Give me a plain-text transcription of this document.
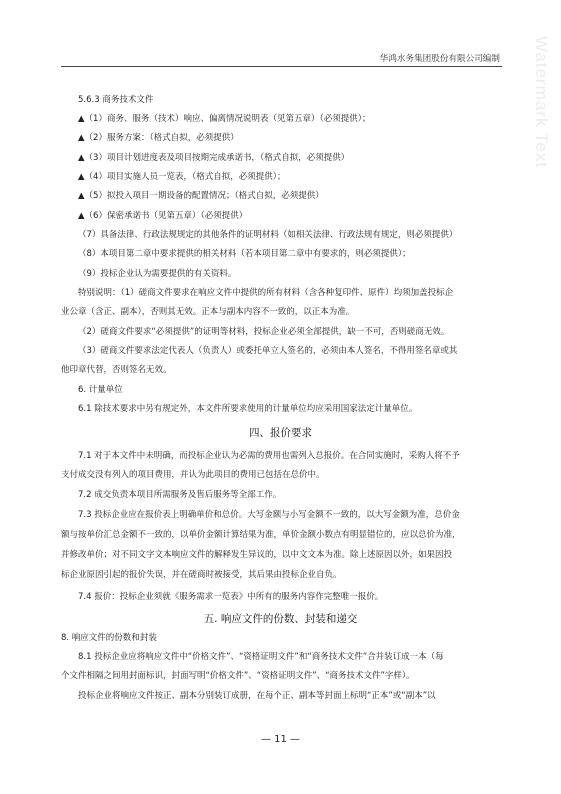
Watermark Text
华鸿水务集团股份有限公司编制
5.6.3 商务技术文件
▲（1）商务、服务（技术）响应、偏离情况说明表（见第五章）（必须提供）；
▲（2）服务方案：（格式自拟，必须提供）
▲（3）项目计划进度表及项目按期完成承诺书，（格式自拟，必须提供）
▲（4）项目实施人员一览表，（格式自拟，必须提供）；
▲（5）拟投入项目一期设备的配置情况；（格式自拟，必须提供）
▲（6）保密承诺书（见第五章）（必须提供）
（7）具备法律、行政法规规定的其他条件的证明材料（如相关法律、行政法规有规定，则必须提供）
（8）本项目第二章中要求提供的相关材料（若本项目第二章中有要求的，则必须提供）；
（9）投标企业认为需要提供的有关资料。
特别说明：（1）磋商文件要求在响应文件中提供的所有材料（含各种复印件、原件）均须加盖投标企
业公章（含正、副本），否则其无效。正本与副本内容不一致的，以正本为准。
（2）磋商文件要求“必须提供”的证明等材料，投标企业必须全部提供，缺一不可，否则磋商无效。
（3）磋商文件要求法定代表人（负责人）或委托单立人签名的，必须由本人签名，不得用签名章或其
他印章代替，否则签名无效。
6. 计量单位
6.1 除技术要求中另有规定外，本文件所要求使用的计量单位均应采用国家法定计量单位。
四、报价要求
7.1 对于本文件中未明确，而投标企业认为必需的费用也需列入总报价。在合同实施时，采购人将不予
支付成交没有列入的项目费用，并认为此项目的费用已包括在总价中。
7.2 成交负责本项目所需服务及售后服务等全部工作。
7.3 投标企业应在报价表上明确单价和总价。大写金额与小写金额不一致的，以大写金额为准，总价金
额与按单价汇总金额不一致的，以单价金额计算结果为准，单价金额小数点有明显错位的，应以总价为准，
并修改单价；对不同文字文本响应文件的解释发生异议的，以中文文本为准。除上述原因以外，如果因投
标企业原因引起的报价失误，并在磋商时被接受，其后果由投标企业自负。
7.4 报价：投标企业须就《服务需求一览表》中所有的服务内容作完整唯一报价。
五. 响应文件的份数、封装和递交
8. 响应文件的份数和封装
8.1 投标企业应将响应文件中“价格文件”、“资格证明文件”和“商务技术文件”合并装订成一本（每
个文件相隔之间用封面标识，封面写明“价格文件”、“资格证明文件”、“商务技术文件”字样）。
投标企业将响应文件按正、副本分别装订成册，在每个正、副本等封面上标明“正本”或“副本”以
— 11 —
